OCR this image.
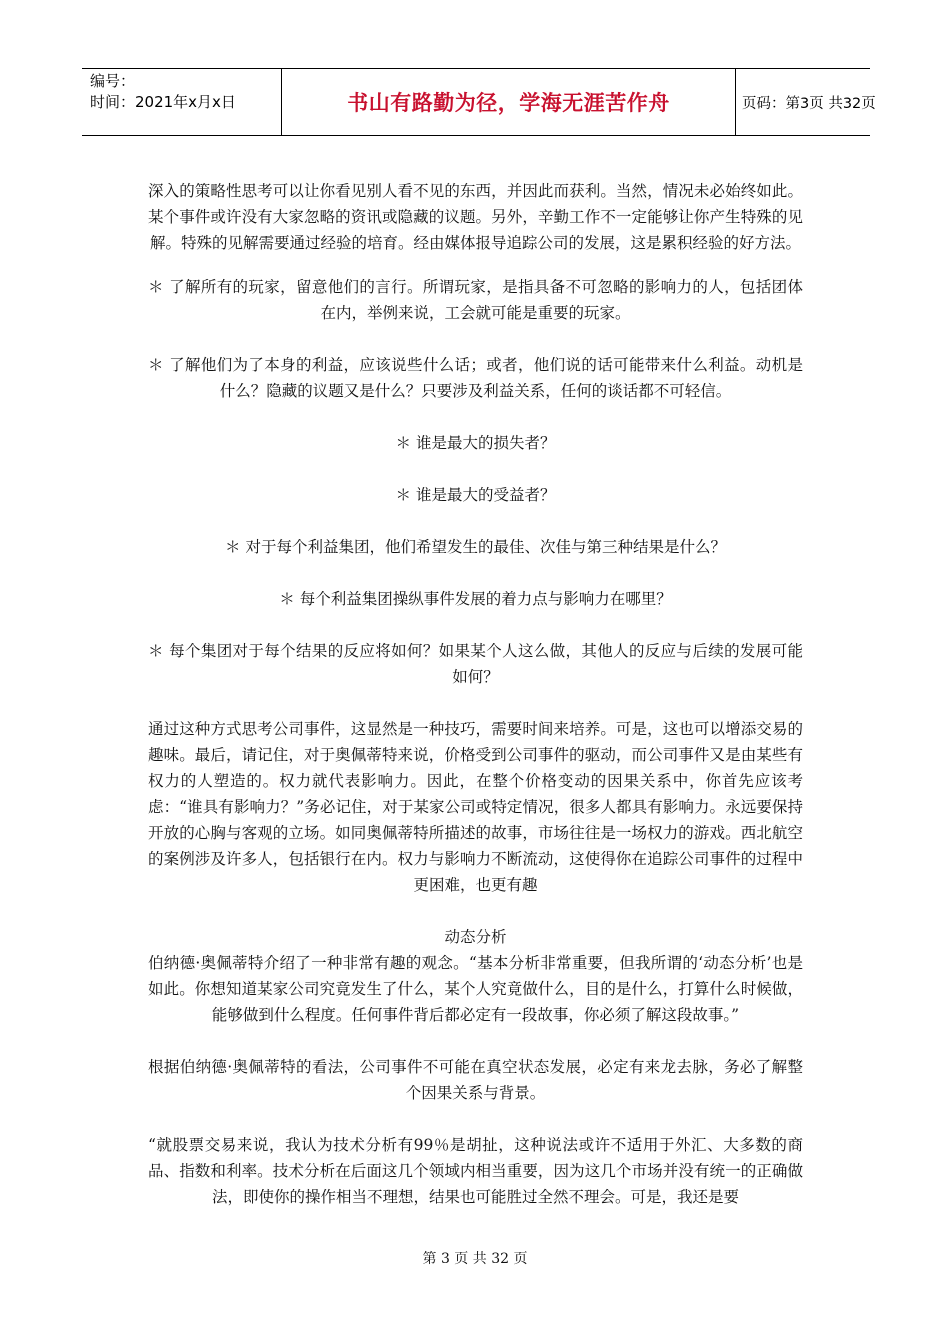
编号：
时间：2021年x月x日	书山有路勤为径，学海无涯苦作舟	页码：第3页 共32页

深入的策略性思考可以让你看见别人看不见的东西，并因此而获利。当然，情况未必始终如此。某个事件或许没有大家忽略的资讯或隐藏的议题。另外，辛勤工作不一定能够让你产生特殊的见解。特殊的见解需要通过经验的培育。经由媒体报导追踪公司的发展，这是累积经验的好方法。

＊ 了解所有的玩家，留意他们的言行。所谓玩家，是指具备不可忽略的影响力的人，包括团体在内，举例来说，工会就可能是重要的玩家。

＊ 了解他们为了本身的利益，应该说些什么话；或者，他们说的话可能带来什么利益。动机是什么？隐藏的议题又是什么？只要涉及利益关系，任何的谈话都不可轻信。

＊ 谁是最大的损失者？

＊ 谁是最大的受益者？

＊ 对于每个利益集团，他们希望发生的最佳、次佳与第三种结果是什么？

＊ 每个利益集团操纵事件发展的着力点与影响力在哪里？

＊ 每个集团对于每个结果的反应将如何？如果某个人这么做，其他人的反应与后续的发展可能如何？

通过这种方式思考公司事件，这显然是一种技巧，需要时间来培养。可是，这也可以增添交易的趣味。最后，请记住，对于奥佩蒂特来说，价格受到公司事件的驱动，而公司事件又是由某些有权力的人塑造的。权力就代表影响力。因此，在整个价格变动的因果关系中，你首先应该考虑：“谁具有影响力？”务必记住，对于某家公司或特定情况，很多人都具有影响力。永远要保持开放的心胸与客观的立场。如同奥佩蒂特所描述的故事，市场往往是一场权力的游戏。西北航空的案例涉及许多人，包括银行在内。权力与影响力不断流动，这使得你在追踪公司事件的过程中更困难，也更有趣

动态分析

伯纳德·奥佩蒂特介绍了一种非常有趣的观念。“基本分析非常重要，但我所谓的‘动态分析’也是如此。你想知道某家公司究竟发生了什么，某个人究竟做什么，目的是什么，打算什么时候做，能够做到什么程度。任何事件背后都必定有一段故事，你必须了解这段故事。”

根据伯纳德·奥佩蒂特的看法，公司事件不可能在真空状态发展，必定有来龙去脉，务必了解整个因果关系与背景。

“就股票交易来说，我认为技术分析有99％是胡扯，这种说法或许不适用于外汇、大多数的商品、指数和利率。技术分析在后面这几个领域内相当重要，因为这几个市场并没有统一的正确做法，即使你的操作相当不理想，结果也可能胜过全然不理会。可是，我还是要

第 3 页 共 32 页
